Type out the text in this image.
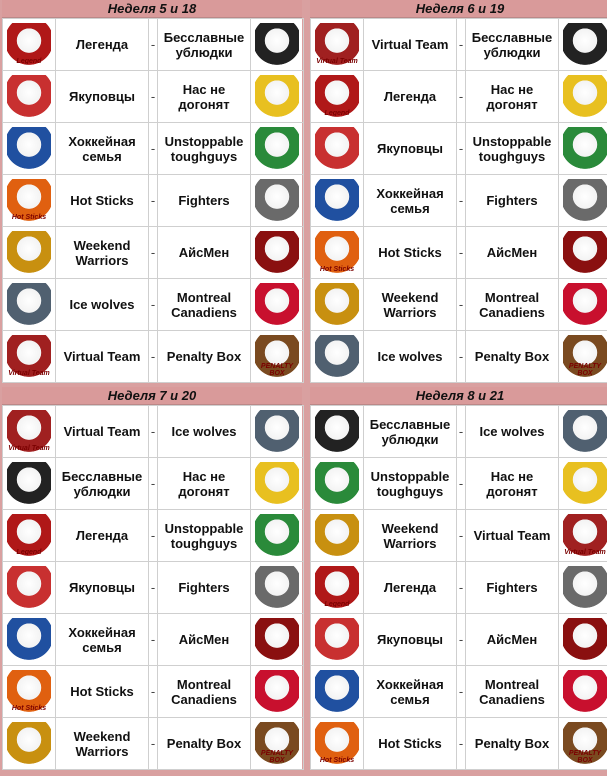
Неделя 5 и 18
Legend	Легенда	-	Бесславные ублюдки	

	Якуповцы	-	Нас не догонят	

	Хоккейная семья	-	Unstoppable toughguys	

Hot Sticks	Hot Sticks	-	Fighters	

	Weekend Warriors	-	АйсМен	

	Ice wolves	-	Montreal Canadiens	

Virtual Team	Virtual Team	-	Penalty Box	PENALTY BOX
Неделя 6 и 19
Virtual Team	Virtual Team	-	Бесславные ублюдки	

Legend	Легенда	-	Нас не догонят	

	Якуповцы	-	Unstoppable toughguys	

	Хоккейная семья	-	Fighters	

Hot Sticks	Hot Sticks	-	АйсМен	

	Weekend Warriors	-	Montreal Canadiens	

	Ice wolves	-	Penalty Box	PENALTY BOX
Неделя 7 и 20
Virtual Team	Virtual Team	-	Ice wolves	

	Бесславные ублюдки	-	Нас не догонят	

Legend	Легенда	-	Unstoppable toughguys	

	Якуповцы	-	Fighters	

	Хоккейная семья	-	АйсМен	

Hot Sticks	Hot Sticks	-	Montreal Canadiens	

	Weekend Warriors	-	Penalty Box	PENALTY BOX
Неделя 8 и 21
	Бесславные ублюдки	-	Ice wolves	

	Unstoppable toughguys	-	Нас не догонят	

	Weekend Warriors	-	Virtual Team	Virtual Team

Legend	Легенда	-	Fighters	

	Якуповцы	-	АйсМен	

	Хоккейная семья	-	Montreal Canadiens	

Hot Sticks	Hot Sticks	-	Penalty Box	PENALTY BOX
